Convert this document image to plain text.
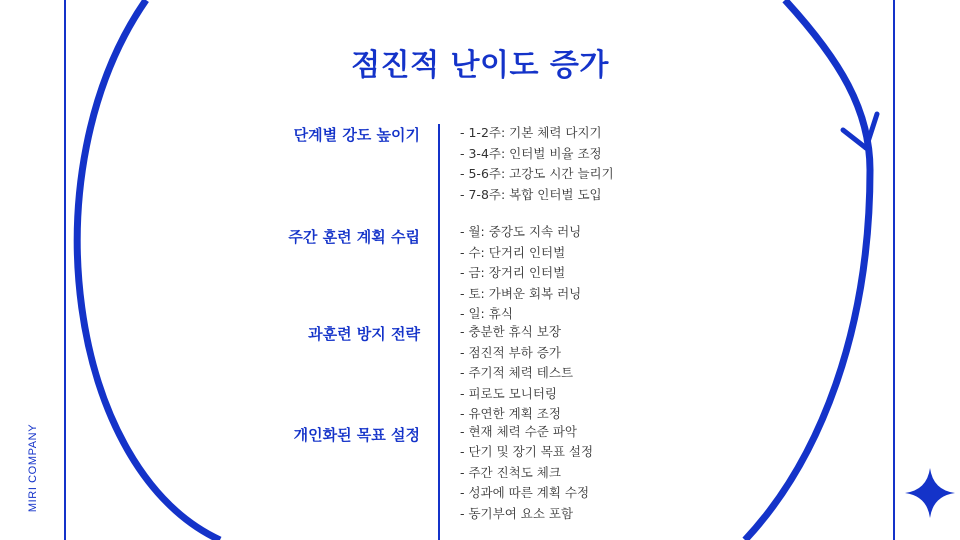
점진적 난이도 증가
단계별 강도 높이기
주간 훈련 계획 수립
과훈련 방지 전략
개인화된 목표 설정
- 1-2주: 기본 체력 다지기
- 3-4주: 인터벌 비율 조정
- 5-6주: 고강도 시간 늘리기
- 7-8주: 복합 인터벌 도입
- 월: 중강도 지속 러닝
- 수: 단거리 인터벌
- 금: 장거리 인터벌
- 토: 가벼운 회복 러닝
- 일: 휴식
- 충분한 휴식 보장
- 점진적 부하 증가
- 주기적 체력 테스트
- 피로도 모니터링
- 유연한 계획 조정
- 현재 체력 수준 파악
- 단기 및 장기 목표 설정
- 주간 진척도 체크
- 성과에 따른 계획 수정
- 동기부여 요소 포함
MIRI COMPANY
